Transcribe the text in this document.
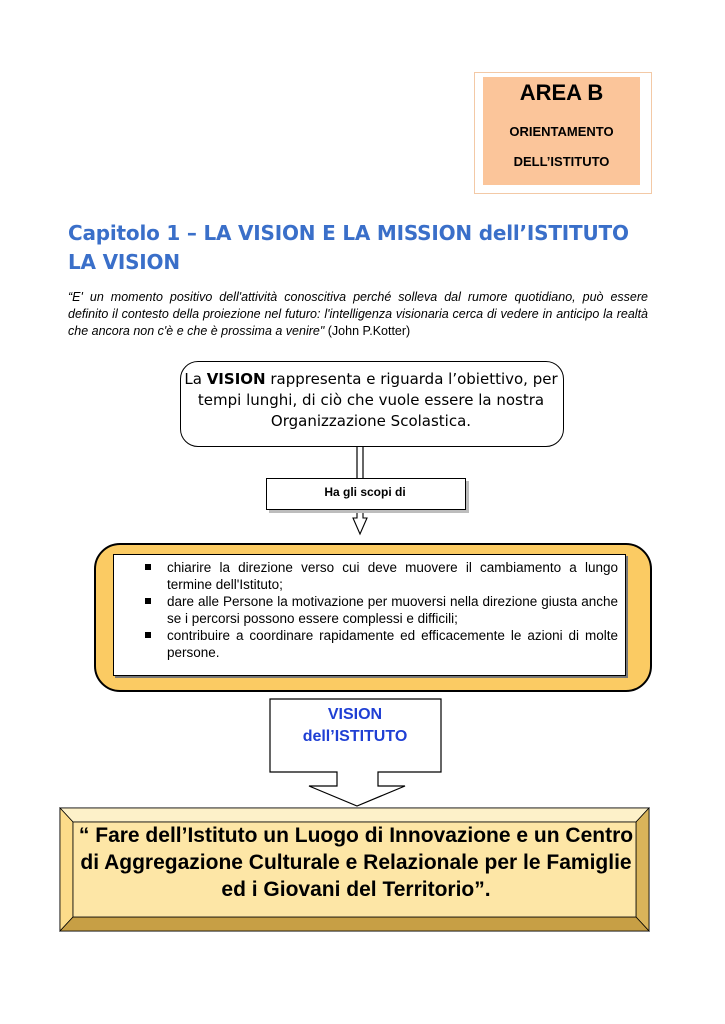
AREA B
ORIENTAMENTO
DELL’ISTITUTO
Capitolo 1 – LA VISION E LA MISSION dell’ISTITUTO
LA VISION
“E' un momento positivo dell'attività conoscitiva perché solleva dal rumore quotidiano, può essere definito il contesto della proiezione nel futuro: l'intelligenza visionaria cerca di vedere in anticipo la realtà che ancora non c'è e che è prossima a venire" (John P.Kotter)
La VISION rappresenta e riguarda l’obiettivo, per tempi lunghi, di ciò che vuole essere la nostra Organizzazione Scolastica.
Ha gli scopi di
chiarire la direzione verso cui deve muovere il cambiamento a lungo termine dell'Istituto;
dare alle Persone la motivazione per muoversi nella direzione giusta anche se i percorsi possono essere complessi e difficili;
contribuire a coordinare rapidamente ed efficacemente le azioni di molte persone.
VISION
dell’ISTITUTO
“ Fare dell’Istituto un Luogo di Innovazione e un Centro di Aggregazione Culturale e Relazionale per le Famiglie ed i Giovani del Territorio”.
